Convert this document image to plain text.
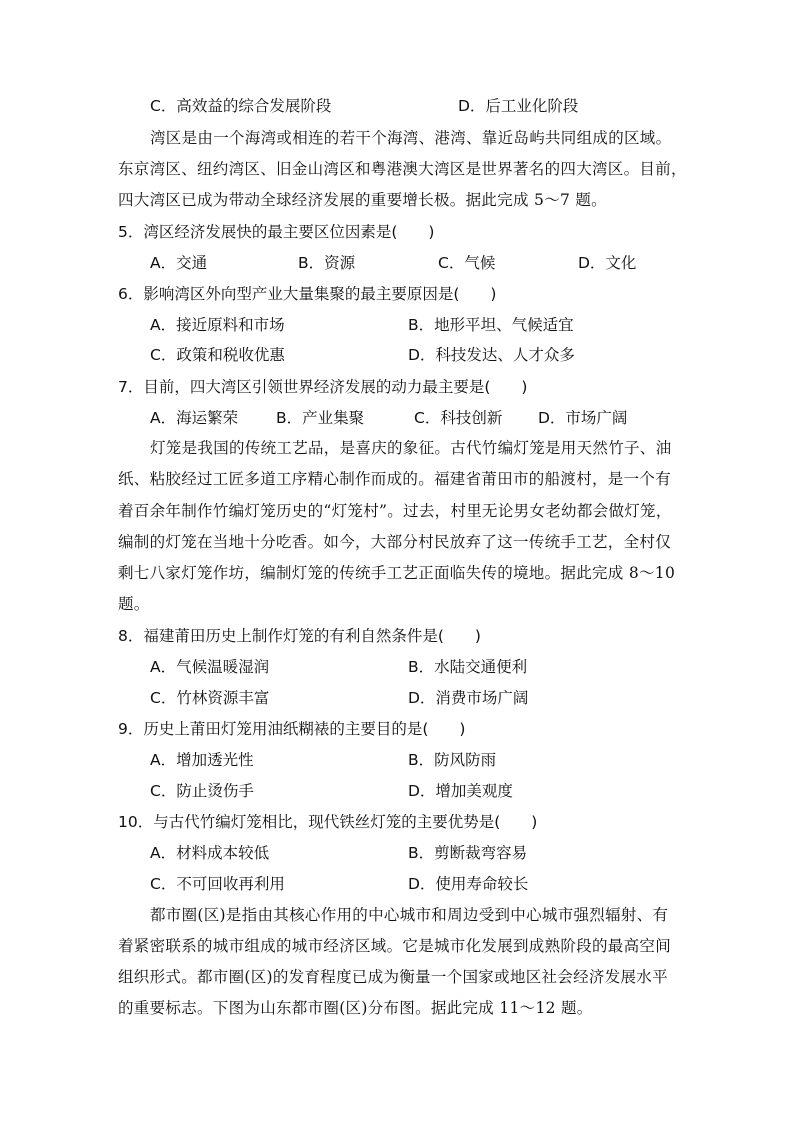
C．高效益的综合发展阶段	D．后工业化阶段
湾区是由一个海湾或相连的若干个海湾、港湾、靠近岛屿共同组成的区域。
东京湾区、纽约湾区、旧金山湾区和粤港澳大湾区是世界著名的四大湾区。目前，
四大湾区已成为带动全球经济发展的重要增长极。据此完成 5～7 题。
5．湾区经济发展快的最主要区位因素是(　　)
A．交通	B．资源	C．气候	D．文化
6．影响湾区外向型产业大量集聚的最主要原因是(　　)
A．接近原料和市场	B．地形平坦、气候适宜
C．政策和税收优惠	D．科技发达、人才众多
7．目前，四大湾区引领世界经济发展的动力最主要是(　　)
A．海运繁荣 B．产业集聚	C．科技创新 D．市场广阔
灯笼是我国的传统工艺品，是喜庆的象征。古代竹编灯笼是用天然竹子、油
纸、粘胶经过工匠多道工序精心制作而成的。福建省莆田市的船渡村，是一个有
着百余年制作竹编灯笼历史的“灯笼村”。过去，村里无论男女老幼都会做灯笼，
编制的灯笼在当地十分吃香。如今，大部分村民放弃了这一传统手工艺，全村仅
剩七八家灯笼作坊，编制灯笼的传统手工艺正面临失传的境地。据此完成 8～10
题。
8．福建莆田历史上制作灯笼的有利自然条件是(　　)
A．气候温暖湿润	B．水陆交通便利
C．竹林资源丰富	D．消费市场广阔
9．历史上莆田灯笼用油纸糊裱的主要目的是(　　)
A．增加透光性	B．防风防雨
C．防止烫伤手	D．增加美观度
10．与古代竹编灯笼相比，现代铁丝灯笼的主要优势是(　　)
A．材料成本较低	B．剪断裁弯容易
C．不可回收再利用	D．使用寿命较长
都市圈(区)是指由其核心作用的中心城市和周边受到中心城市强烈辐射、有
着紧密联系的城市组成的城市经济区域。它是城市化发展到成熟阶段的最高空间
组织形式。都市圈(区)的发育程度已成为衡量一个国家或地区社会经济发展水平
的重要标志。下图为山东都市圈(区)分布图。据此完成 11～12 题。
